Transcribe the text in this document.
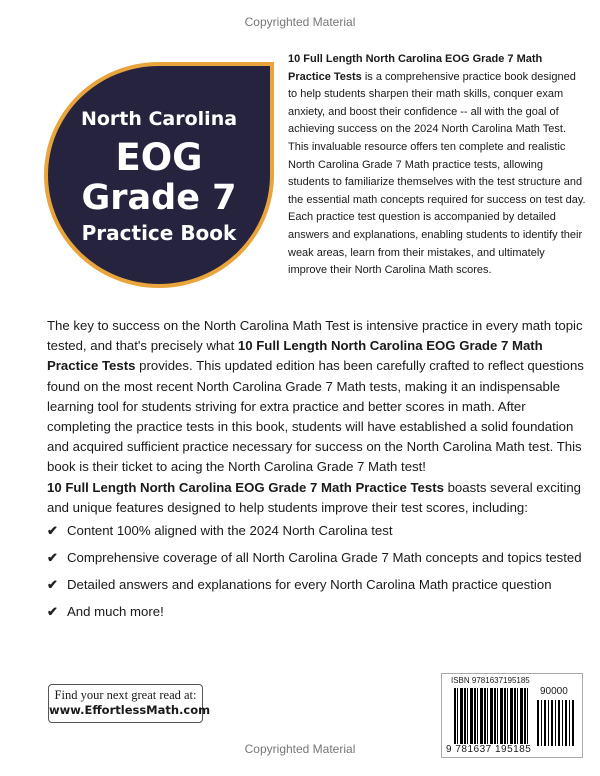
Copyrighted Material
North Carolina
EOG
Grade 7
Practice Book
10 Full Length North Carolina EOG Grade 7 Math Practice Tests is a comprehensive practice book designed to help students sharpen their math skills, conquer exam anxiety, and boost their confidence -- all with the goal of achieving success on the 2024 North Carolina Math Test. This invaluable resource offers ten complete and realistic North Carolina Grade 7 Math practice tests, allowing students to familiarize themselves with the test structure and the essential math concepts required for success on test day. Each practice test question is accompanied by detailed answers and explanations, enabling students to identify their weak areas, learn from their mistakes, and ultimately improve their North Carolina Math scores.
The key to success on the North Carolina Math Test is intensive practice in every math topic tested, and that's precisely what 10 Full Length North Carolina EOG Grade 7 Math Practice Tests provides. This updated edition has been carefully crafted to reflect questions found on the most recent North Carolina Grade 7 Math tests, making it an indispensable learning tool for students striving for extra practice and better scores in math. After completing the practice tests in this book, students will have established a solid foundation and acquired sufficient practice necessary for success on the North Carolina Math test. This book is their ticket to acing the North Carolina Grade 7 Math test!
10 Full Length North Carolina EOG Grade 7 Math Practice Tests boasts several exciting and unique features designed to help students improve their test scores, including:
✔ Content 100% aligned with the 2024 North Carolina test
✔ Comprehensive coverage of all North Carolina Grade 7 Math concepts and topics tested
✔ Detailed answers and explanations for every North Carolina Math practice question
✔ And much more!
Find your next great read at:
www.EffortlessMath.com
ISBN 9781637195185
90000
9 781637 195185
Copyrighted Material
